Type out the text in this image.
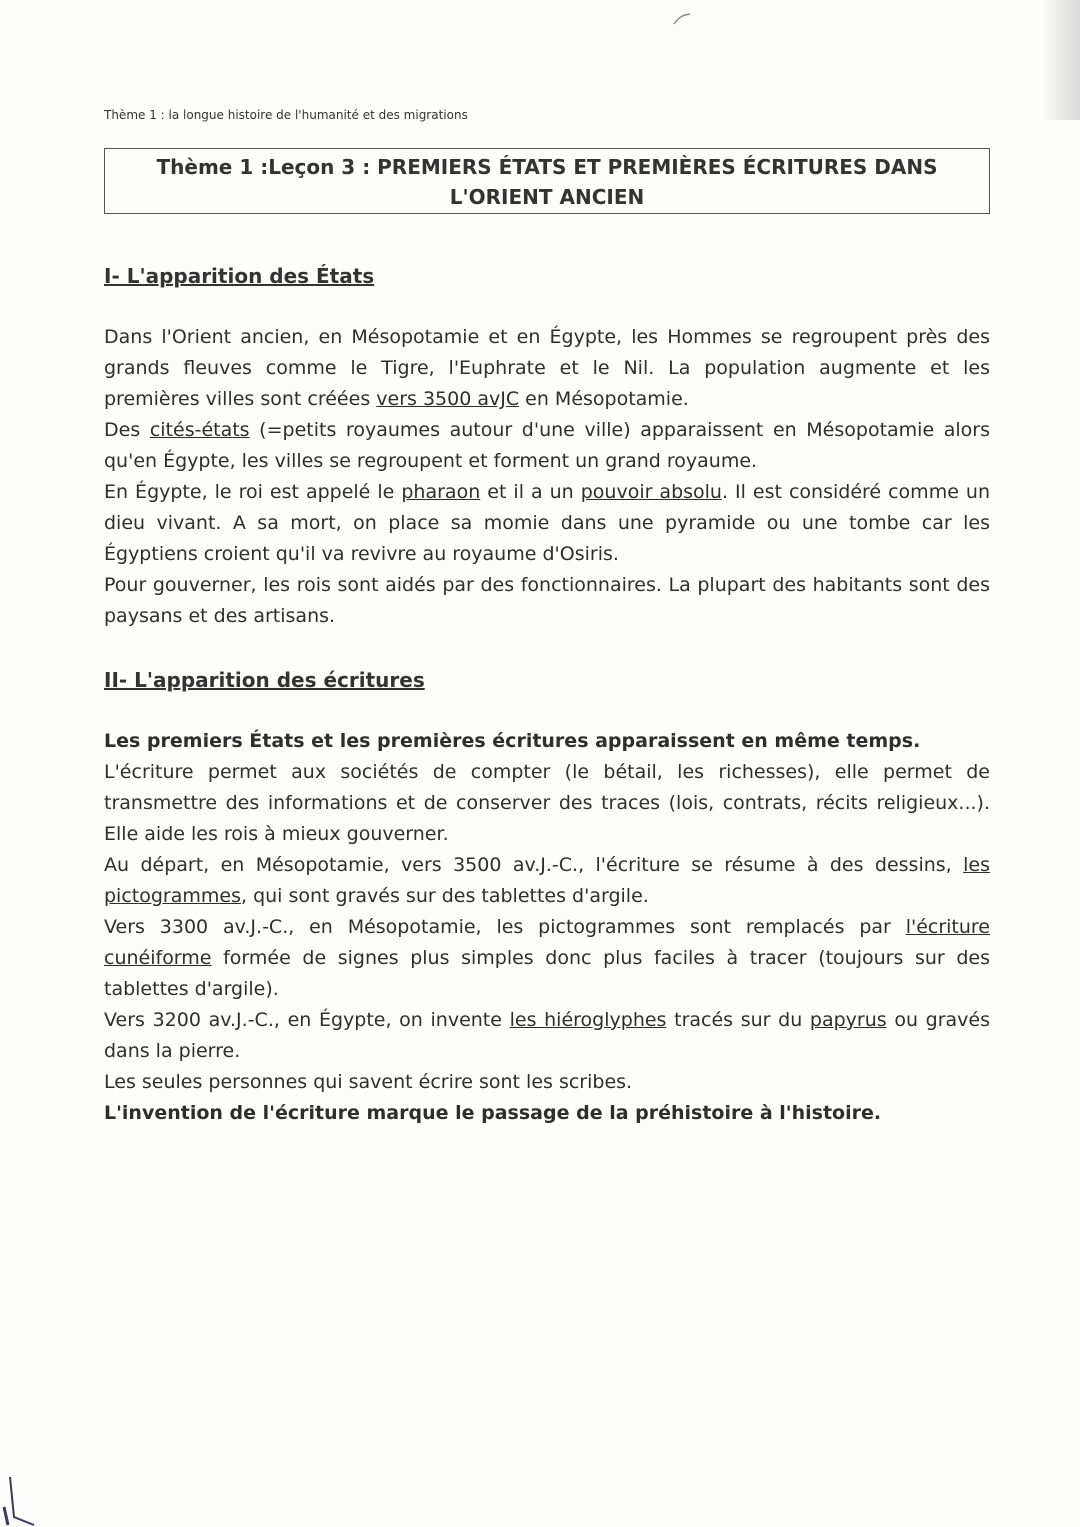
Thème 1 : la longue histoire de l'humanité et des migrations
Thème 1 :Leçon 3 : PREMIERS ÉTATS ET PREMIÈRES ÉCRITURES DANS
L'ORIENT ANCIEN
I- L'apparition des États

Dans l'Orient ancien, en Mésopotamie et en Égypte, les Hommes se regroupent près des grands fleuves comme le Tigre, l'Euphrate et le Nil. La population augmente et les premières villes sont créées vers 3500 avJC en Mésopotamie.

Des cités-états (=petits royaumes autour d'une ville) apparaissent en Mésopotamie alors qu'en Égypte, les villes se regroupent et forment un grand royaume.

En Égypte, le roi est appelé le pharaon et il a un pouvoir absolu. Il est considéré comme un dieu vivant. A sa mort, on place sa momie dans une pyramide ou une tombe car les Égyptiens croient qu'il va revivre au royaume d'Osiris.

Pour gouverner, les rois sont aidés par des fonctionnaires. La plupart des habitants sont des paysans et des artisans.

II- L'apparition des écritures

Les premiers États et les premières écritures apparaissent en même temps.

L'écriture permet aux sociétés de compter (le bétail, les richesses), elle permet de transmettre des informations et de conserver des traces (lois, contrats, récits religieux...). Elle aide les rois à mieux gouverner.

Au départ, en Mésopotamie, vers 3500 av.J.-C., l'écriture se résume à des dessins, les pictogrammes, qui sont gravés sur des tablettes d'argile.

Vers 3300 av.J.-C., en Mésopotamie, les pictogrammes sont remplacés par l'écriture cunéiforme formée de signes plus simples donc plus faciles à tracer (toujours sur des tablettes d'argile).

Vers 3200 av.J.-C., en Égypte, on invente les hiéroglyphes tracés sur du papyrus ou gravés dans la pierre.

Les seules personnes qui savent écrire sont les scribes.

L'invention de l'écriture marque le passage de la préhistoire à l'histoire.
